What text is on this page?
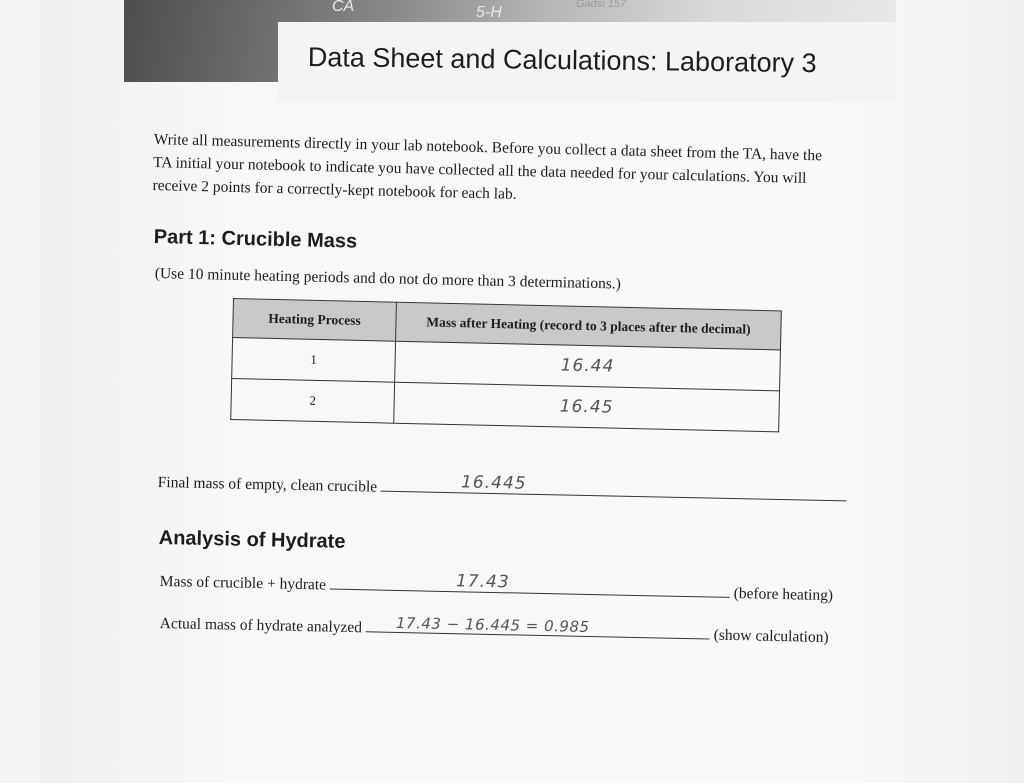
CA	5-H	Gadsi 157
Data Sheet and Calculations: Laboratory 3

Write all measurements directly in your lab notebook. Before you collect a data sheet from the TA, have the TA initial your notebook to indicate you have collected all the data needed for your calculations. You will receive 2 points for a correctly-kept notebook for each lab.

Part 1: Crucible Mass

(Use 10 minute heating periods and do not do more than 3 determinations.)

Heating Process	Mass after Heating (record to 3 places after the decimal)
1	16.44
2	16.45

Final mass of empty, clean crucible	16.445

Analysis of Hydrate

Mass of crucible + hydrate	17.43
(before heating)

Actual mass of hydrate analyzed 17.43 − 16.445 = 0.985
(show calculation)
